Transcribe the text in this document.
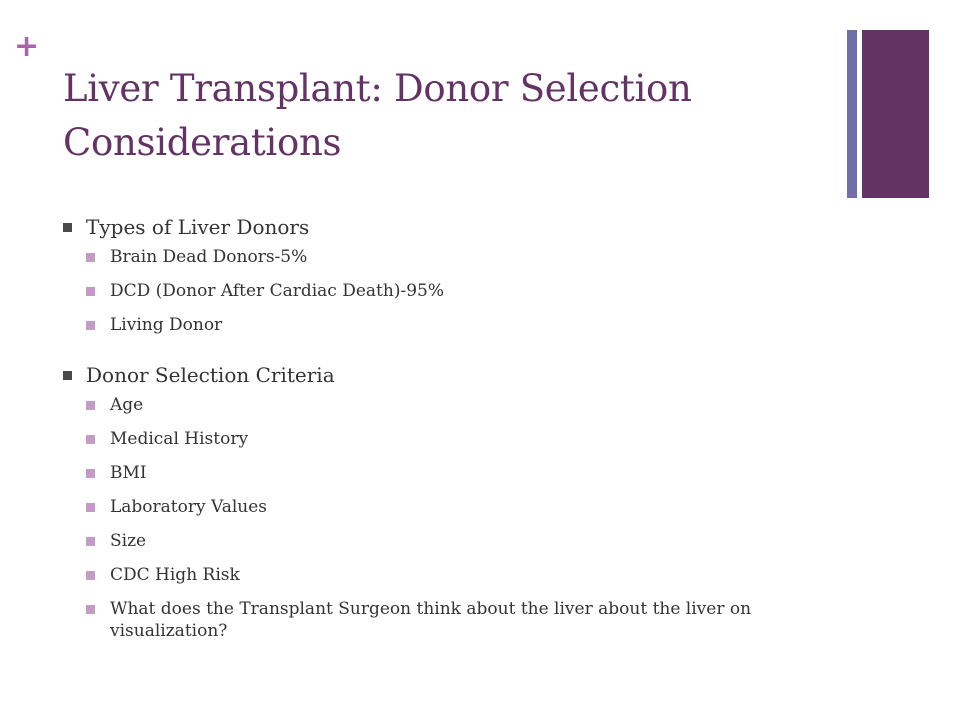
+
Liver Transplant: Donor Selection Considerations
Types of Liver Donors
Brain Dead Donors-5%
DCD (Donor After Cardiac Death)-95%
Living Donor
Donor Selection Criteria
Age
Medical History
BMI
Laboratory Values
Size
CDC High Risk
What does the Transplant Surgeon think about the liver about the liver on visualization?
